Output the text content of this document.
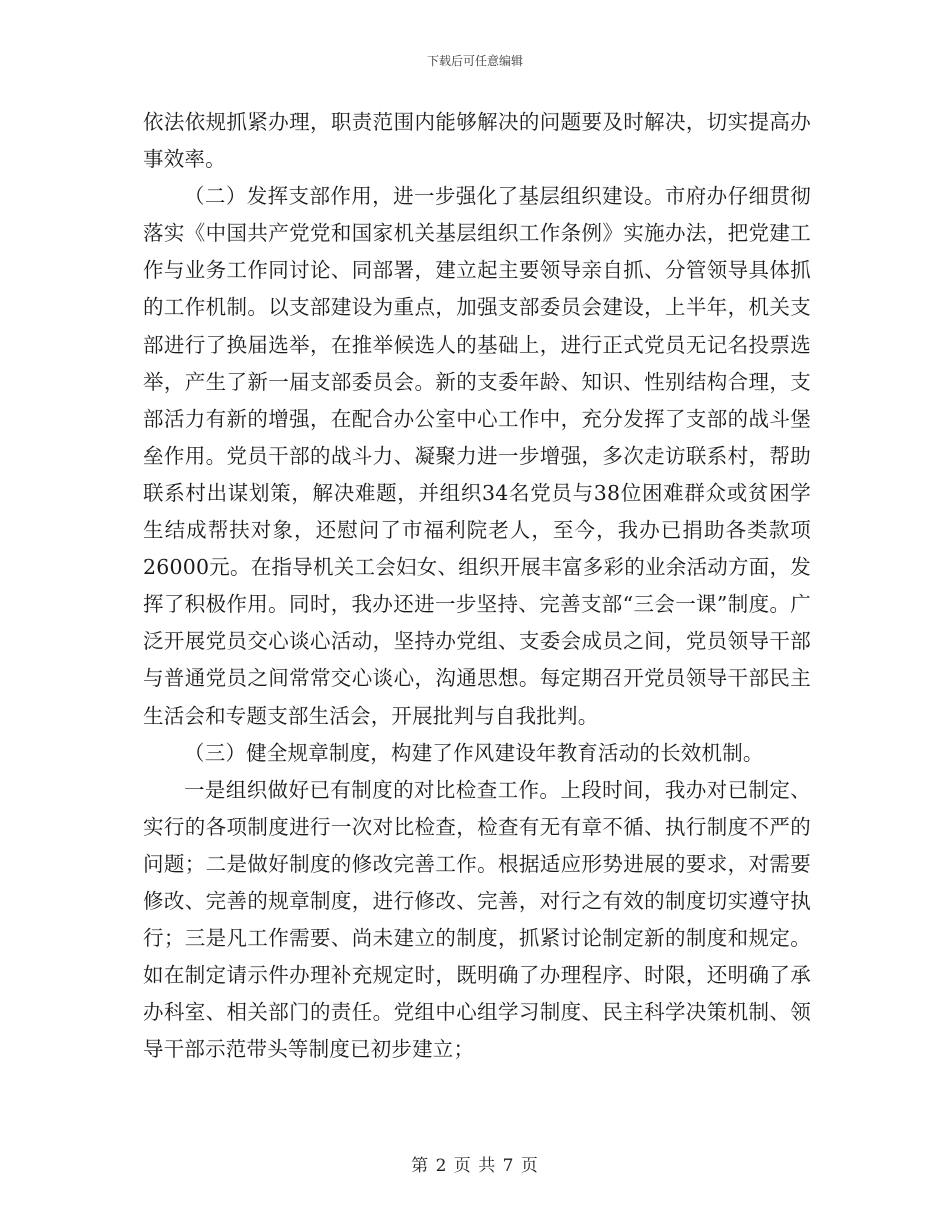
下载后可任意编辑

依法依规抓紧办理，职责范围内能够解决的问题要及时解决，切实提高办事效率。

（二）发挥支部作用，进一步强化了基层组织建设。市府办仔细贯彻落实《中国共产党党和国家机关基层组织工作条例》实施办法，把党建工作与业务工作同讨论、同部署，建立起主要领导亲自抓、分管领导具体抓的工作机制。以支部建设为重点，加强支部委员会建设，上半年，机关支部进行了换届选举，在推举候选人的基础上，进行正式党员无记名投票选举，产生了新一届支部委员会。新的支委年龄、知识、性别结构合理，支部活力有新的增强，在配合办公室中心工作中，充分发挥了支部的战斗堡垒作用。党员干部的战斗力、凝聚力进一步增强，多次走访联系村，帮助联系村出谋划策，解决难题，并组织34名党员与38位困难群众或贫困学生结成帮扶对象，还慰问了市福利院老人，至今，我办已捐助各类款项26000元。在指导机关工会妇女、组织开展丰富多彩的业余活动方面，发挥了积极作用。同时，我办还进一步坚持、完善支部“三会一课”制度。广泛开展党员交心谈心活动，坚持办党组、支委会成员之间，党员领导干部与普通党员之间常常交心谈心，沟通思想。每定期召开党员领导干部民主生活会和专题支部生活会，开展批判与自我批判。

（三）健全规章制度，构建了作风建设年教育活动的长效机制。

一是组织做好已有制度的对比检查工作。上段时间，我办对已制定、实行的各项制度进行一次对比检查，检查有无有章不循、执行制度不严的问题；二是做好制度的修改完善工作。根据适应形势进展的要求，对需要修改、完善的规章制度，进行修改、完善，对行之有效的制度切实遵守执行；三是凡工作需要、尚未建立的制度，抓紧讨论制定新的制度和规定。如在制定请示件办理补充规定时，既明确了办理程序、时限，还明确了承办科室、相关部门的责任。党组中心组学习制度、民主科学决策机制、领导干部示范带头等制度已初步建立；

第 2 页 共 7 页
